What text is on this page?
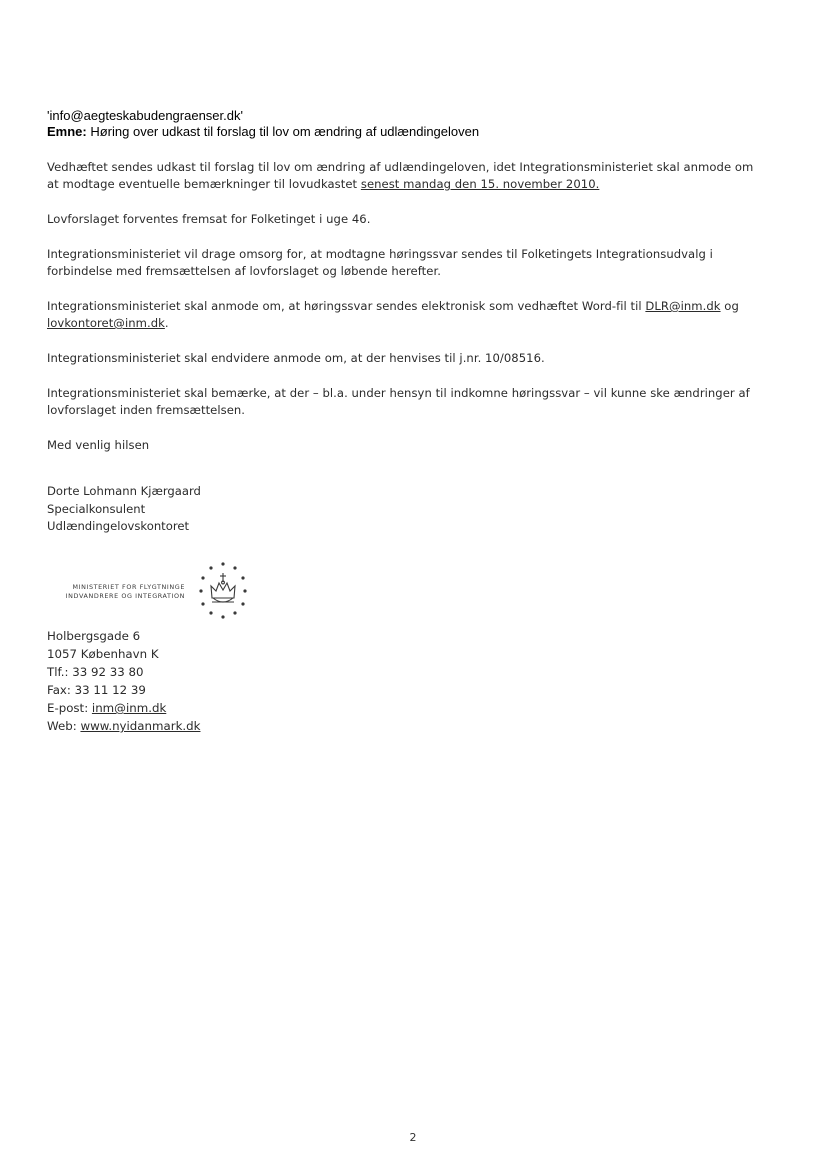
'info@aegteskabudengraenser.dk'
Emne: Høring over udkast til forslag til lov om ændring af udlændingeloven

Vedhæftet sendes udkast til forslag til lov om ændring af udlændingeloven, idet Integrationsministeriet skal anmode om at modtage eventuelle bemærkninger til lovudkastet senest mandag den 15. november 2010.

Lovforslaget forventes fremsat for Folketinget i uge 46.

Integrationsministeriet vil drage omsorg for, at modtagne høringssvar sendes til Folketingets Integrationsudvalg i forbindelse med fremsættelsen af lovforslaget og løbende herefter.

Integrationsministeriet skal anmode om, at høringssvar sendes elektronisk som vedhæftet Word-fil til DLR@inm.dk og lovkontoret@inm.dk.

Integrationsministeriet skal endvidere anmode om, at der henvises til j.nr. 10/08516.

Integrationsministeriet skal bemærke, at der – bl.a. under hensyn til indkomne høringssvar – vil kunne ske ændringer af lovforslaget inden fremsættelsen.

Med venlig hilsen

Dorte Lohmann Kjærgaard
Specialkonsulent
Udlændingelovskontoret
MINISTERIET FOR FLYGTNINGE
INDVANDRERE OG INTEGRATION
Holbergsgade 6
1057 København K
Tlf.: 33 92 33 80
Fax: 33 11 12 39
E-post: inm@inm.dk
Web: www.nyidanmark.dk
2
